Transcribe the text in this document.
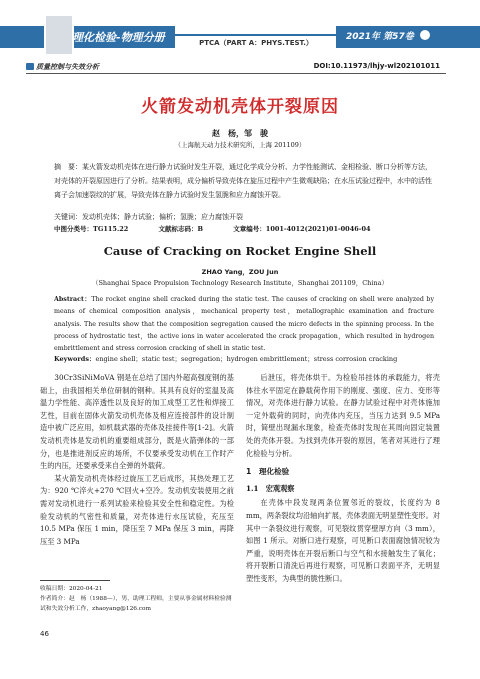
理化检验-物理分册	PTCA（PART A：PHYS.TEST.）
2021年 第57卷
质量控制与失效分析	DOI:10.11973/lhjy-wl202101011
火箭发动机壳体开裂原因
赵　杨，邹　骏
（上海航天动力技术研究所，上海 201109）
摘　要：某火箭发动机壳体在进行静力试验时发生开裂，通过化学成分分析、力学性能测试、金相检验、断口分析等方法，对壳体的开裂原因进行了分析。结果表明，成分偏析导致壳体在旋压过程中产生微观缺陷；在水压试验过程中，水中的活性离子会加速裂纹的扩展，导致壳体在静力试验时发生氢脆和应力腐蚀开裂。
关键词：发动机壳体；静力试验；偏析；氢脆；应力腐蚀开裂
中图分类号：TG115.22	文献标志码：B	文章编号：1001-4012(2021)01-0046-04
Cause of Cracking on Rocket Engine Shell
ZHAO Yang，ZOU Jun
（Shanghai Space Propulsion Technology Research Institute，Shanghai 201109，China）
Abstract：The rocket engine shell cracked during the static test. The causes of cracking on shell were analyzed by means of chemical composition analysis，mechanical property test，metallographic examination and fracture analysis. The results show that the composition segregation caused the micro defects in the spinning process. In the process of hydrostatic test，the active ions in water accelerated the crack propagation，which resulted in hydrogen embrittlement and stress corrosion cracking of shell in static test.
Keywords：engine shell；static test；segregation；hydrogen embrittlement；stress corrosion cracking

30Cr3SiNiMoVA 钢是在总结了国内外超高强度钢的基础上，由我国相关单位研制的钢种。其具有良好的室温及高温力学性能、高淬透性以及良好的加工成型工艺性和焊接工艺性，目前在固体火箭发动机壳体及相应连接部件的设计制造中被广泛应用，如机载武器的壳体及挂接件等[1-2]。火箭发动机壳体是发动机的重要组成部分，既是火箭弹体的一部分，也是推进剂反应的场所，不仅要承受发动机在工作时产生的内压，还要承受来自全弹的外载荷。

某火箭发动机壳体经过旋压工艺后成形，其热处理工艺为：920 ℃淬火+270 ℃回火+空冷。发动机安装使用之前需对发动机进行一系列试验来检验其安全性和稳定性。为检验发动机的气密性和质量，对壳体进行水压试验，充压至 10.5 MPa 保压 1 min，降压至 7 MPa 保压 3 min，再降压至 3 MPa

后泄压，将壳体烘干。为检验吊挂体的承载能力，将壳体往水平固定在静载荷作用下的刚度、强度、应力、变形等情况，对壳体进行静力试验。在静力试验过程中对壳体施加一定外载荷的同时，向壳体内充压，当压力达到 9.5 MPa 时，简壁出现漏水现象，检查壳体时发现在其周向固定装置处的壳体开裂。为找到壳体开裂的原因，笔者对其进行了理化检验与分析。

1　理化检验
1.1　宏观观察

在壳体中段发现两条位置邻近的裂纹，长度约为 8 mm，两条裂纹均沿轴向扩展，壳体表面无明显塑性变形。对其中一条裂纹进行观察，可见裂纹贯穿壁厚方向（3 mm），如图 1 所示。对断口进行观察，可见断口表面腐蚀情况较为严重，说明壳体在开裂后断口与空气和水接触发生了氧化；将开裂断口清洗后再进行观察，可见断口表面平齐，无明显塑性变形，为典型的脆性断口。

收稿日期：2020-04-21
作者简介：赵　杨（1988—），男，助理工程师，主要从事金属材料检验测试和失效分析工作，zhaoyang@126.com
46
